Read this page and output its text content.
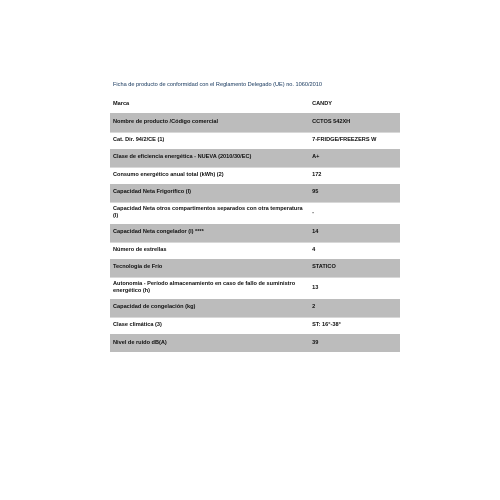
Ficha de producto de conformidad con el Reglamento Delegado (UE) no. 1060/2010
Marca	CANDY
Nombre de producto /Código comercial	CCTOS 542XH
Cat. Dir. 94/2/CE (1)	7-FRIDGE/FREEZERS W
Clase de eficiencia energética - NUEVA (2010/30/EC)	A+
Consumo energético anual total (kWh) (2)	172
Capacidad Neta Frigorífico (l)	95
Capacidad Neta otros compartimentos separados con otra temperatura (l)	-
Capacidad Neta congelador (l) ****	14
Número de estrellas	4
Tecnología de Frío	STATICO
Autonomía - Período almacenamiento en caso de fallo de suministro energético (h)	13
Capacidad de congelación (kg)	2
Clase climática (3)	ST: 16°-38°
Nivel de ruido dB(A)	39
